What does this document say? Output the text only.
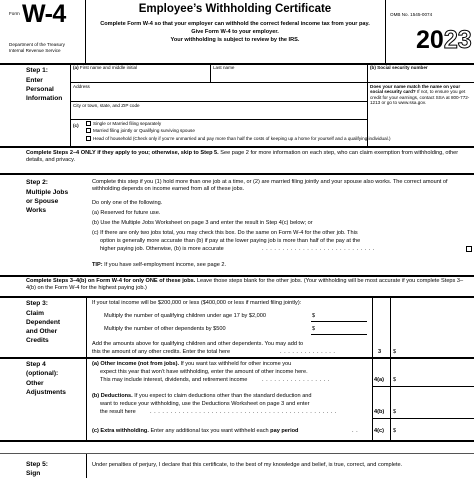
Form W-4
Department of the Treasury
Internal Revenue Service
Employee’s Withholding Certificate
Complete Form W-4 so that your employer can withhold the correct federal income tax from your pay.
Give Form W-4 to your employer.
Your withholding is subject to review by the IRS.
OMB No. 1545-0074
2023
Step 1:
Enter
Personal
Information
(a) First name and middle initial	Last name	(b) Social security number
Address
City or town, state, and ZIP code
Does your name match the name on your social security card? If not, to ensure you get credit for your earnings, contact SSA at 800-772-1213 or go to www.ssa.gov.
(c)	Single or Married filing separately
Married filing jointly or Qualifying surviving spouse
Head of household (Check only if you’re unmarried and pay more than half the costs of keeping up a home for yourself and a qualifying individual.)
Complete Steps 2–4 ONLY if they apply to you; otherwise, skip to Step 5. See page 2 for more information on each step, who can claim exemption from withholding, other details, and privacy.
Step 2:
Multiple Jobs
or Spouse
Works
Complete this step if you (1) hold more than one job at a time, or (2) are married filing jointly and your spouse also works. The correct amount of withholding depends on income earned from all of these jobs.
Do only one of the following.
(a) Reserved for future use.
(b) Use the Multiple Jobs Worksheet on page 3 and enter the result in Step 4(c) below; or
(c) If there are only two jobs total, you may check this box. Do the same on Form W-4 for the other job. This
option is generally more accurate than (b) if pay at the lower paying job is more than half of the pay at the
higher paying job. Otherwise, (b) is more accurate	. . . . . . . . . . . . . . . . . . . . . . . . . . . .
TIP: If you have self-employment income, see page 2.
Complete Steps 3–4(b) on Form W-4 for only ONE of these jobs. Leave those steps blank for the other jobs. (Your withholding will be most accurate if you complete Steps 3–4(b) on the Form W-4 for the highest paying job.)
Step 3:
Claim
Dependent
and Other
Credits
If your total income will be $200,000 or less ($400,000 or less if married filing jointly):
Multiply the number of qualifying children under age 17 by $2,000	$
Multiply the number of other dependents by $500	$
Add the amounts above for qualifying children and other dependents. You may add to
this the amount of any other credits. Enter the total here	. . . . . . . . . . . . . .	3 $
Step 4
(optional):
Other
Adjustments
(a) Other income (not from jobs). If you want tax withheld for other income you
expect this year that won’t have withholding, enter the amount of other income here.
This may include interest, dividends, and retirement income	. . . . . . . . . . . . . . . . .	4(a) $
(b) Deductions. If you expect to claim deductions other than the standard deduction and
want to reduce your withholding, use the Deductions Worksheet on page 3 and enter
the result here	. . . . . . . . . . . . . . . . . . . . . . . . . . . . . . . . . . . . . . . . . . . . . .	4(b) $
(c) Extra withholding. Enter any additional tax you want withheld each pay period	. .	4(c) $
Step 5:
Sign
Under penalties of perjury, I declare that this certificate, to the best of my knowledge and belief, is true, correct, and complete.
